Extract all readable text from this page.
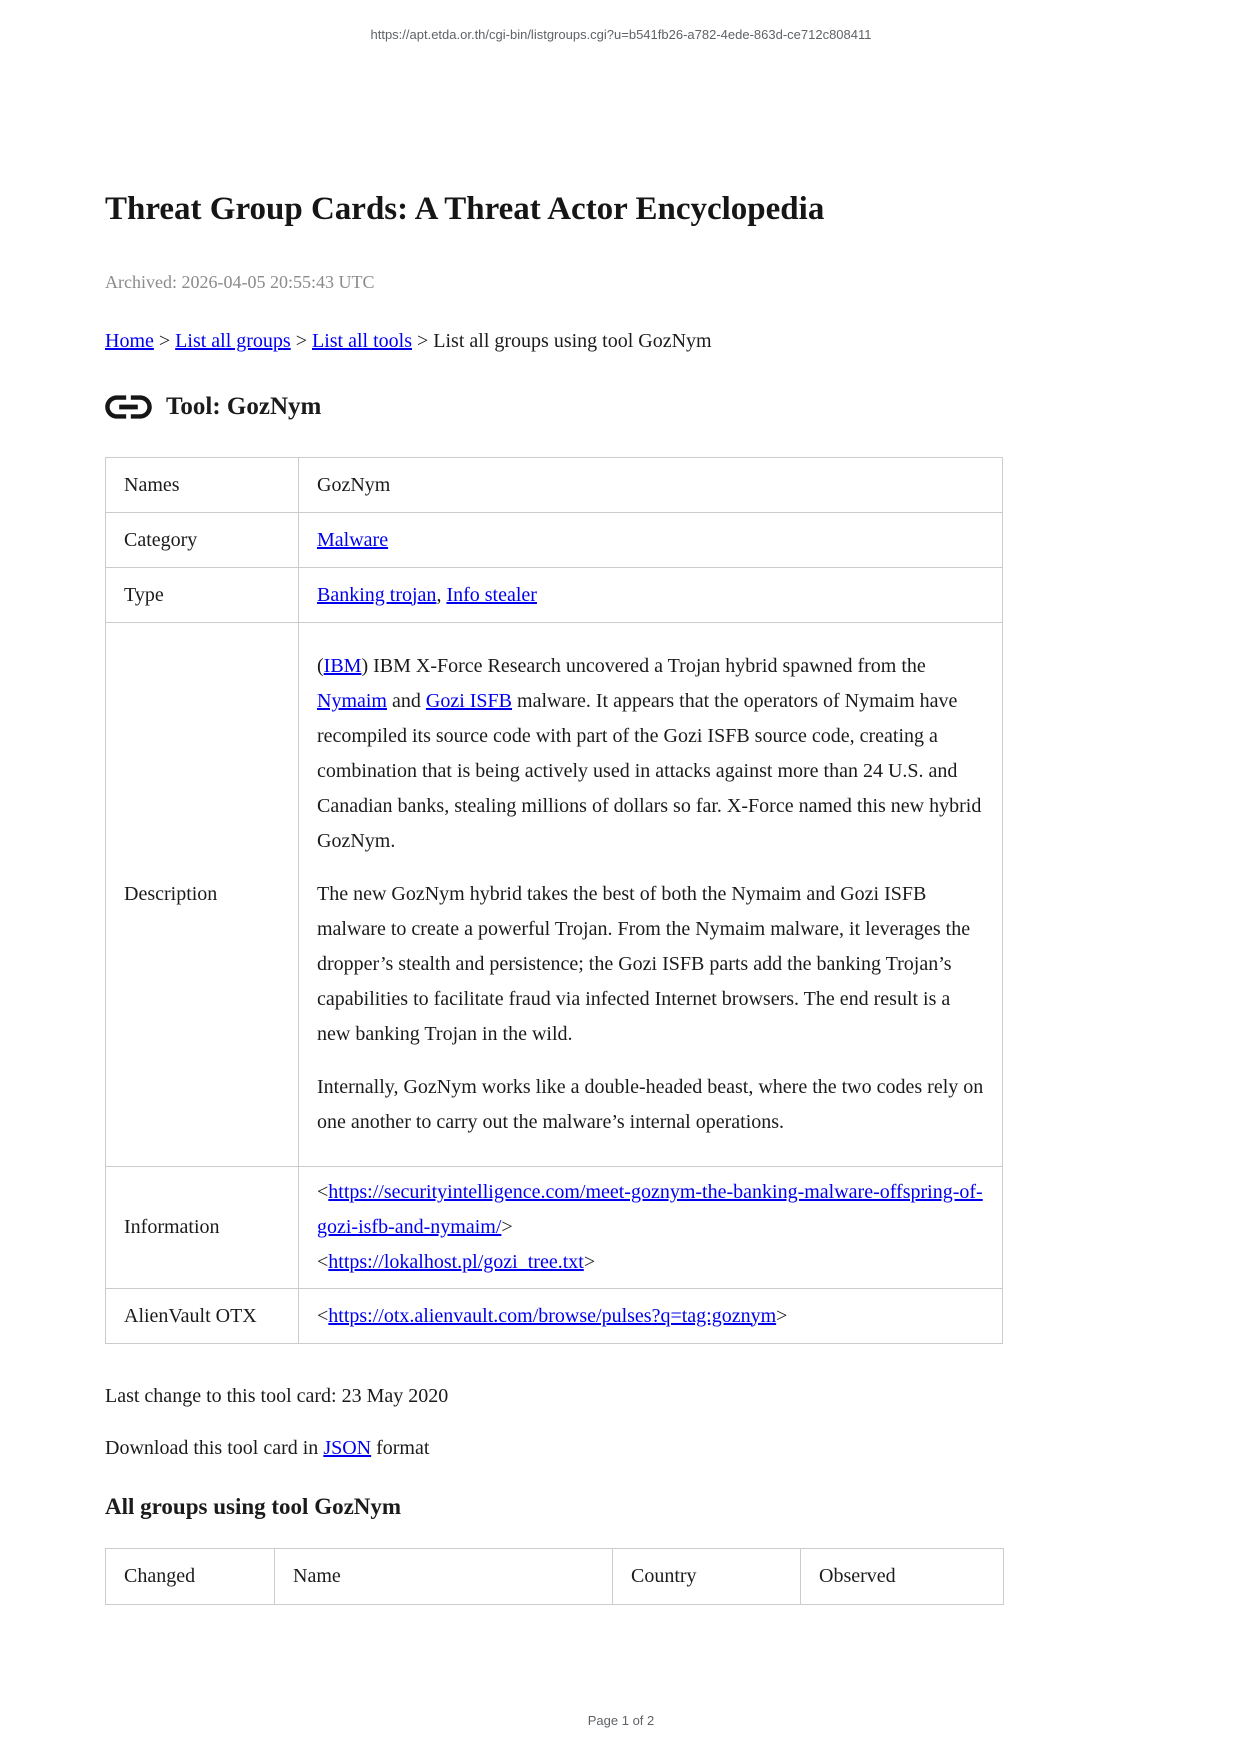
https://apt.etda.or.th/cgi-bin/listgroups.cgi?u=b541fb26-a782-4ede-863d-ce712c808411
Threat Group Cards: A Threat Actor Encyclopedia
Archived: 2026-04-05 20:55:43 UTC
Home > List all groups > List all tools > List all groups using tool GozNym
Tool: GozNym
Names	GozNym
Category	Malware
Type	Banking trojan, Info stealer
Description	(IBM) IBM X-Force Research uncovered a Trojan hybrid spawned from the Nymaim and Gozi ISFB malware. It appears that the operators of Nymaim have recompiled its source code with part of the Gozi ISFB source code, creating a combination that is being actively used in attacks against more than 24 U.S. and Canadian banks, stealing millions of dollars so far. X-Force named this new hybrid GozNym.

The new GozNym hybrid takes the best of both the Nymaim and Gozi ISFB malware to create a powerful Trojan. From the Nymaim malware, it leverages the dropper’s stealth and persistence; the Gozi ISFB parts add the banking Trojan’s capabilities to facilitate fraud via infected Internet browsers. The end result is a new banking Trojan in the wild.

Internally, GozNym works like a double-headed beast, where the two codes rely on one another to carry out the malware’s internal operations.

Information	<https://securityintelligence.com/meet-goznym-the-banking-malware-offspring-of-gozi-isfb-and-nymaim/>
<https://lokalhost.pl/gozi_tree.txt>

AlienVault OTX	<https://otx.alienvault.com/browse/pulses?q=tag:goznym>
Last change to this tool card: 23 May 2020
Download this tool card in JSON format
All groups using tool GozNym
Changed	Name	Country	Observed
Page 1 of 2
